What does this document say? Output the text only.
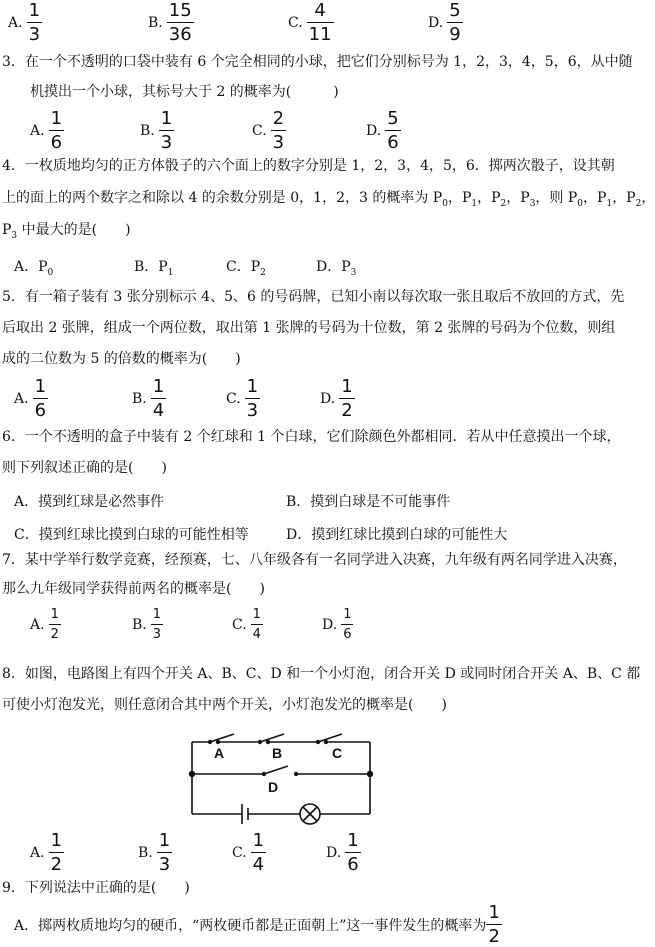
A. $\frac{1}{3}$	B. $\frac{15}{36}$	C. $\frac{4}{11}$	D. $\frac{5}{9}$
3．在一个不透明的口袋中装有 6 个完全相同的小球，把它们分别标号为 1，2，3，4，5，6，从中随
机摸出一个小球，其标号大于 2 的概率为(　　　)
A. $\frac{1}{6}$	B. $\frac{1}{3}$	C. $\frac{2}{3}$	D. $\frac{5}{6}$
4．一枚质地均匀的正方体骰子的六个面上的数字分别是 1，2，3，4，5，6．掷两次骰子，设其朝
上的面上的两个数字之和除以 4 的余数分别是 0，1，2，3 的概率为 $P_0$，$P_1$，$P_2$，$P_3$，则 $P_0$，$P_1$，$P_2$，
$P_3$ 中最大的是(　　)
A．$P_0$	B．$P_1$	C．$P_2$	D．$P_3$
5．有一箱子装有 3 张分别标示 4、5、6 的号码牌，已知小南以每次取一张且取后不放回的方式，先
后取出 2 张牌，组成一个两位数，取出第 1 张牌的号码为十位数，第 2 张牌的号码为个位数，则组
成的二位数为 5 的倍数的概率为(　　)
A. $\frac{1}{6}$	B. $\frac{1}{4}$	C. $\frac{1}{3}$	D. $\frac{1}{2}$
6．一个不透明的盒子中装有 2 个红球和 1 个白球，它们除颜色外都相同．若从中任意摸出一个球，
则下列叙述正确的是(　　)
A．摸到红球是必然事件	B．摸到白球是不可能事件
C．摸到红球比摸到白球的可能性相等	D．摸到红球比摸到白球的可能性大
7．某中学举行数学竞赛，经预赛，七、八年级各有一名同学进入决赛，九年级有两名同学进入决赛，
那么九年级同学获得前两名的概率是(　　)
A. $\frac{1}{2}$	B. $\frac{1}{3}$	C. $\frac{1}{4}$	D. $\frac{1}{6}$
8．如图，电路图上有四个开关 A、B、C、D 和一个小灯泡，闭合开关 D 或同时闭合开关 A、B、C 都
可使小灯泡发光，则任意闭合其中两个开关，小灯泡发光的概率是(　　)
A	B	C
D
A. $\frac{1}{2}$	B. $\frac{1}{3}$	C. $\frac{1}{4}$	D. $\frac{1}{6}$
9．下列说法中正确的是(　　)
A．掷两枚质地均匀的硬币，“两枚硬币都是正面朝上”这一事件发生的概率为 $\frac{1}{2}$
